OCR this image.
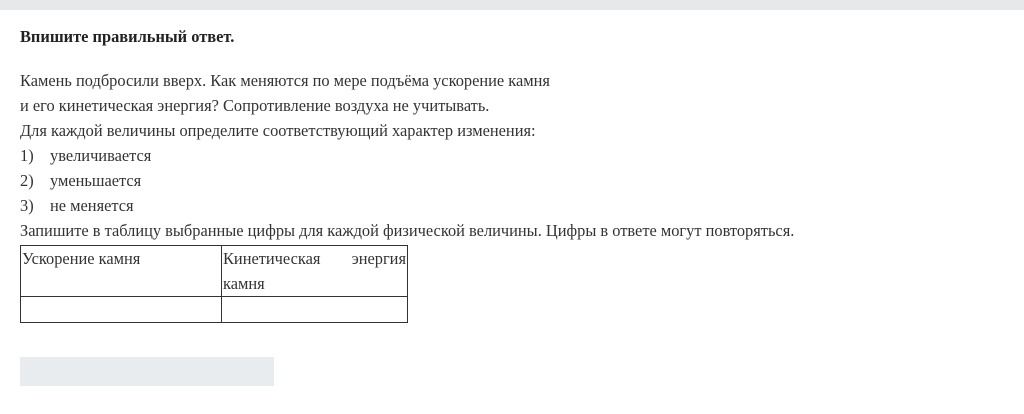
Впишите правильный ответ.
Камень подбросили вверх. Как меняются по мере подъёма ускорение камня
и его кинетическая энергия? Сопротивление воздуха не учитывать.
Для каждой величины определите соответствующий характер изменения:
1) увеличивается
2) уменьшается
3) не меняется
Запишите в таблицу выбранные цифры для каждой физической величины. Цифры в ответе могут повторяться.
Ускорение камня	Кинетическая энергия
камня
